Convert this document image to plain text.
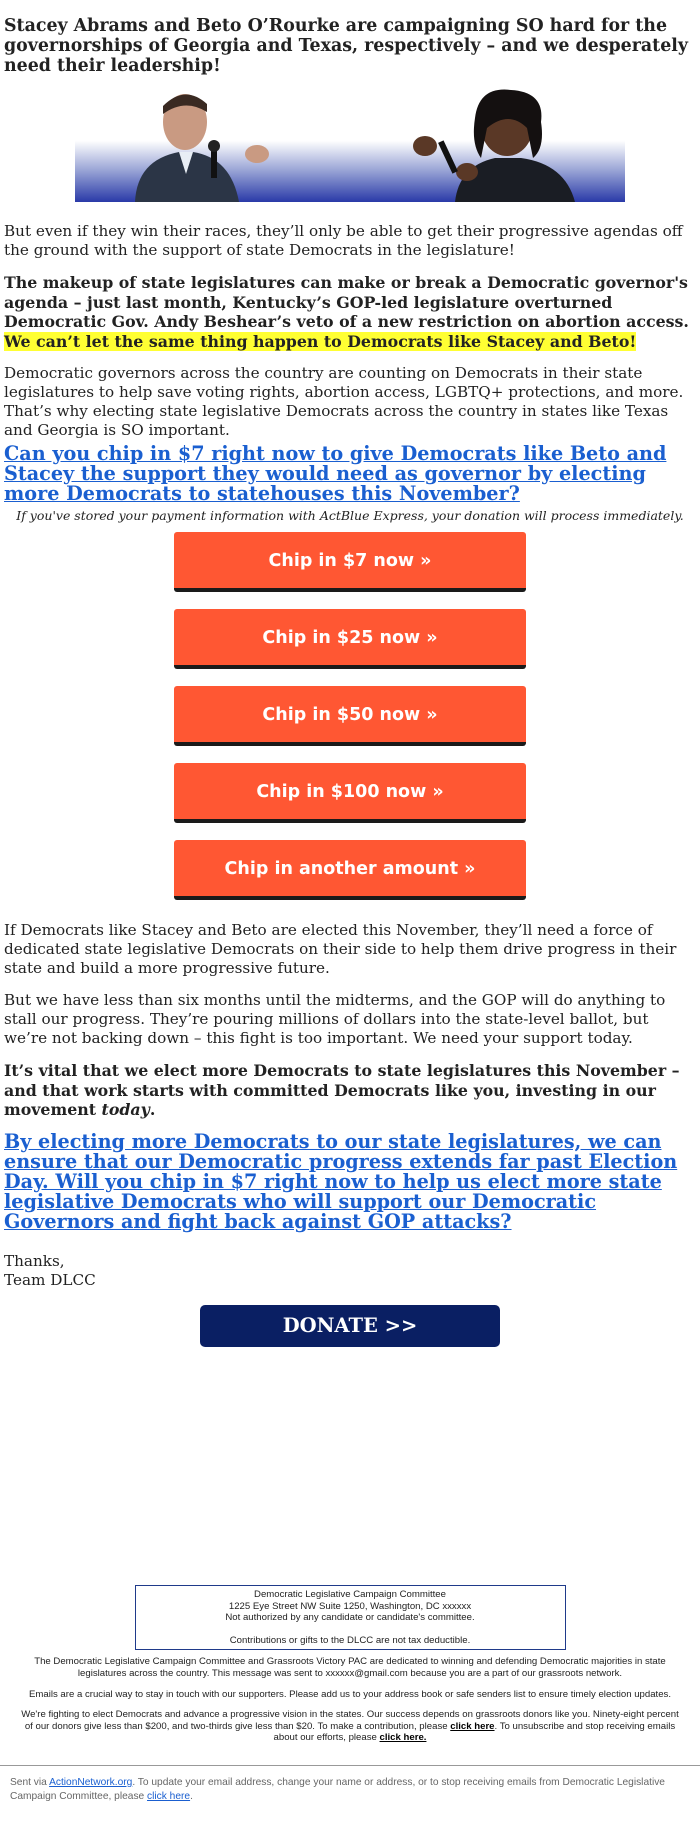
Stacey Abrams and Beto O’Rourke are campaigning SO hard for the governorships of Georgia and Texas, respectively – and we desperately need their leadership!

But even if they win their races, they’ll only be able to get their progressive agendas off the ground with the support of state Democrats in the legislature!

The makeup of state legislatures can make or break a Democratic governor's agenda – just last month, Kentucky’s GOP-led legislature overturned Democratic Gov. Andy Beshear’s veto of a new restriction on abortion access. We can’t let the same thing happen to Democrats like Stacey and Beto!

Democratic governors across the country are counting on Democrats in their state legislatures to help save voting rights, abortion access, LGBTQ+ protections, and more. That’s why electing state legislative Democrats across the country in states like Texas and Georgia is SO important.

Can you chip in $7 right now to give Democrats like Beto and Stacey the support they would need as governor by electing more Democrats to statehouses this November?

If you've stored your payment information with ActBlue Express, your donation will process immediately.

Chip in $7 now »
Chip in $25 now »
Chip in $50 now »
Chip in $100 now »
Chip in another amount »

If Democrats like Stacey and Beto are elected this November, they’ll need a force of dedicated state legislative Democrats on their side to help them drive progress in their state and build a more progressive future.

But we have less than six months until the midterms, and the GOP will do anything to stall our progress. They’re pouring millions of dollars into the state-level ballot, but we’re not backing down – this fight is too important. We need your support today.

It’s vital that we elect more Democrats to state legislatures this November – and that work starts with committed Democrats like you, investing in our movement today.

By electing more Democrats to our state legislatures, we can ensure that our Democratic progress extends far past Election Day. Will you chip in $7 right now to help us elect more state legislative Democrats who will support our Democratic Governors and fight back against GOP attacks?

Thanks,
Team DLCC

DONATE >>
Democratic Legislative Campaign Committee
1225 Eye Street NW Suite 1250, Washington, DC xxxxxx
Not authorized by any candidate or candidate's committee.
Contributions or gifts to the DLCC are not tax deductible.

The Democratic Legislative Campaign Committee and Grassroots Victory PAC are dedicated to winning and defending Democratic majorities in state legislatures across the country. This message was sent to xxxxxx@gmail.com because you are a part of our grassroots network.

Emails are a crucial way to stay in touch with our supporters. Please add us to your address book or safe senders list to ensure timely election updates.

We're fighting to elect Democrats and advance a progressive vision in the states. Our success depends on grassroots donors like you. Ninety-eight percent of our donors give less than $200, and two-thirds give less than $20. To make a contribution, please click here. To unsubscribe and stop receiving emails about our efforts, please click here.

Sent via ActionNetwork.org. To update your email address, change your name or address, or to stop receiving emails from Democratic Legislative Campaign Committee, please click here.
